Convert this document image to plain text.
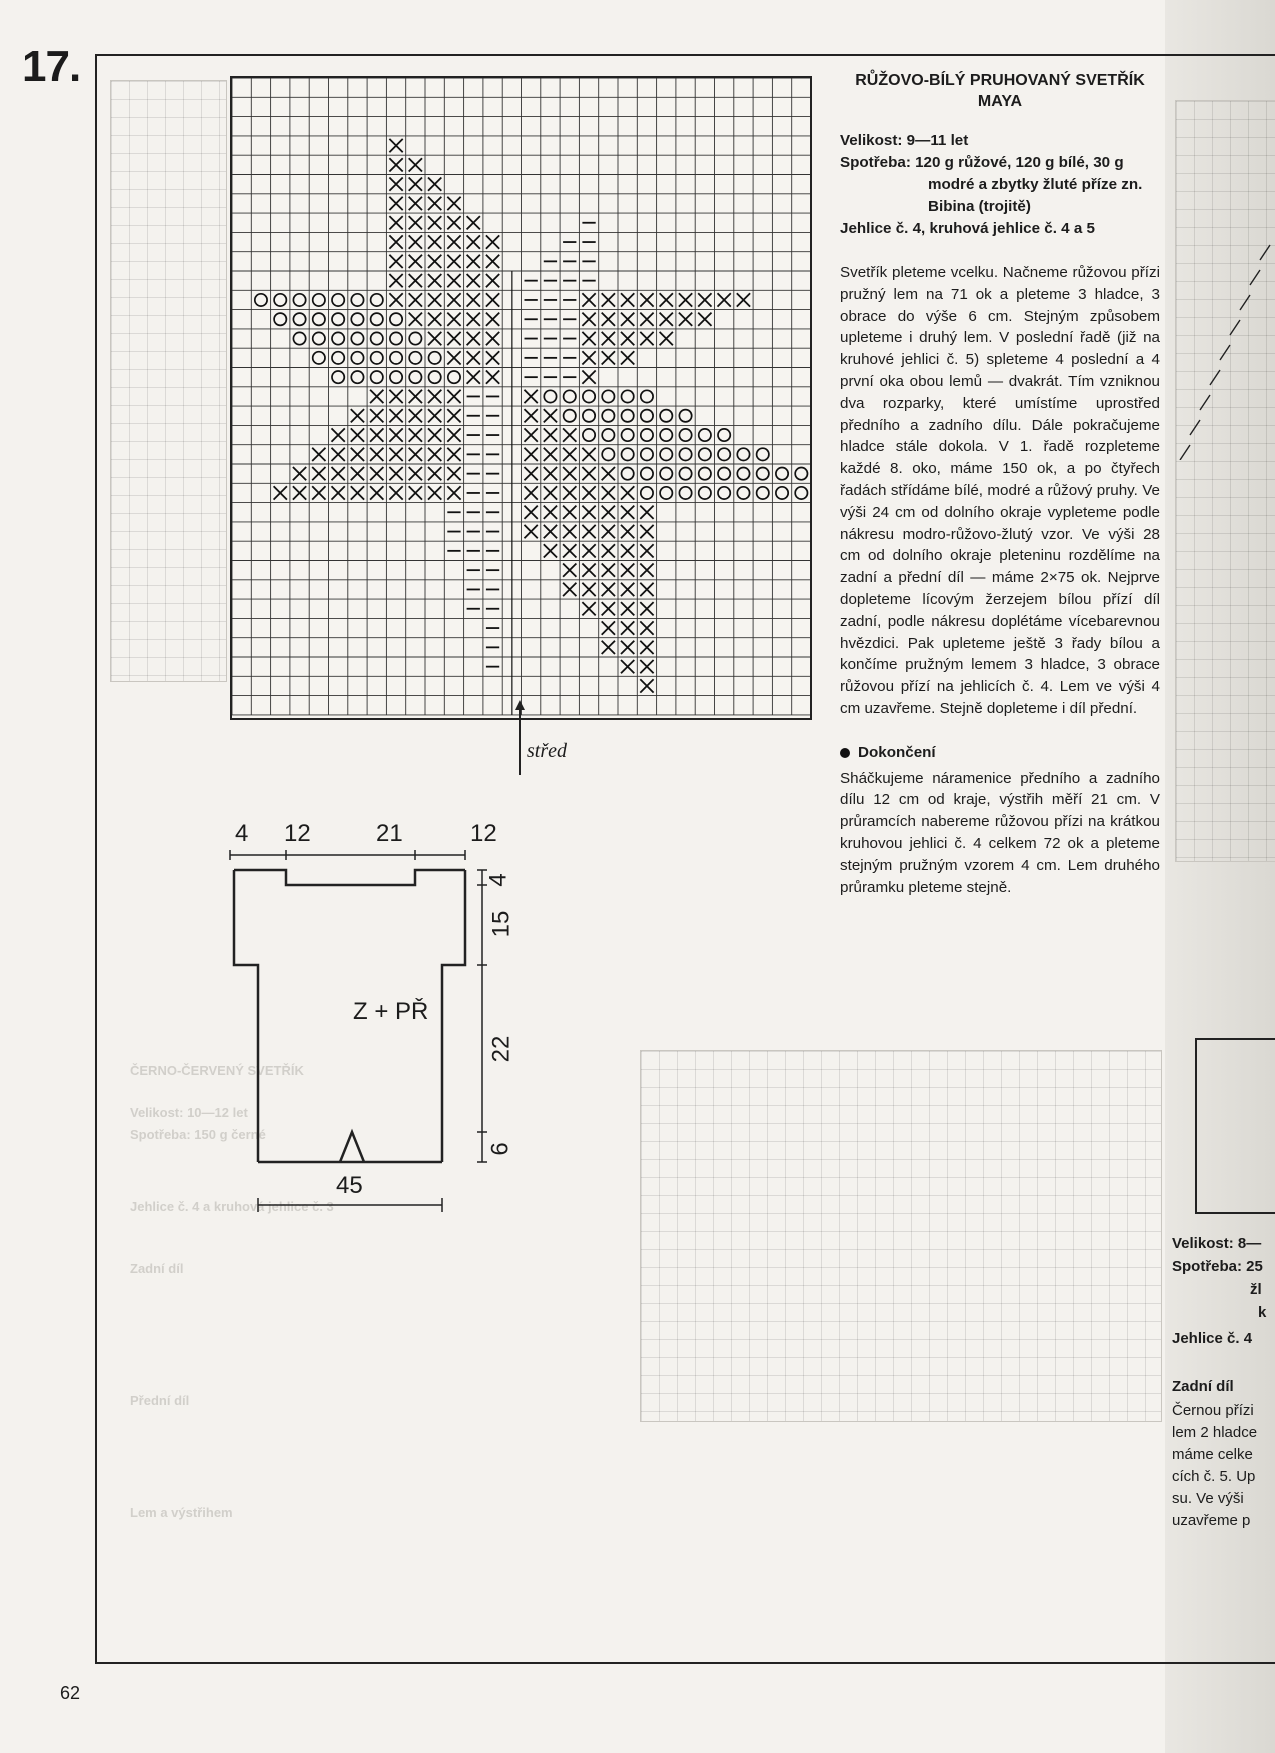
ČERNO-ČERVENÝ SVETŘÍK
Velikost: 10—12 let
Spotřeba: 150 g černé
Jehlice č. 4 a kruhová jehlice č. 3
Zadní díl
Přední díl
Lem a výstřihem
17.
střed
4 12	21	12
4
15
22
6
45
Z + PŘ
RŮŽOVO-BÍLÝ PRUHOVANÝ SVETŘÍK MAYA

Velikost: 9—11 let

Spotřeba: 120 g růžové, 120 g bílé, 30 g

modré a zbytky žluté příze zn.

Bibina (trojitě)

Jehlice č. 4, kruhová jehlice č. 4 a 5

Svetřík pleteme vcelku. Načneme růžovou přízi pružný lem na 71 ok a pleteme 3 hladce, 3 obrace do výše 6 cm. Stejným způsobem upleteme i druhý lem. V poslední řadě (již na kruhové jehlici č. 5) spleteme 4 poslední a 4 první oka obou lemů — dvakrát. Tím vzniknou dva rozparky, které umístíme uprostřed předního a zadního dílu. Dále pokračujeme hladce stále dokola. V 1. řadě rozpleteme každé 8. oko, máme 150 ok, a po čtyřech řadách střídáme bílé, modré a růžový pruhy. Ve výši 24 cm od dolního okraje vypleteme podle nákresu modro-růžovo-žlutý vzor. Ve výši 28 cm od dolního okraje pleteninu rozdělíme na zadní a přední díl — máme 2×75 ok. Nejprve dopleteme lícovým žerzejem bílou přízí díl zadní, podle nákresu doplétáme vícebarevnou hvězdici. Pak upleteme ještě 3 řady bílou a končíme pružným lemem 3 hladce, 3 obrace růžovou přízí na jehlicích č. 4. Lem ve výši 4 cm uzavřeme. Stejně dopleteme i díl přední.
Dokončení
Sháčkujeme náramenice předního a zadního dílu 12 cm od kraje, výstřih měří 21 cm. V průramcích nabereme růžovou přízi na krátkou kruhovou jehlici č. 4 celkem 72 ok a pleteme stejným pružným vzorem 4 cm. Lem druhého průramku pleteme stejně.
Velikost: 8—
Spotřeba: 25
žl
k
Jehlice č. 4
Zadní díl
Černou přízi
lem 2 hladce
máme celke
cích č. 5. Up
su. Ve výši
uzavřeme p
62
